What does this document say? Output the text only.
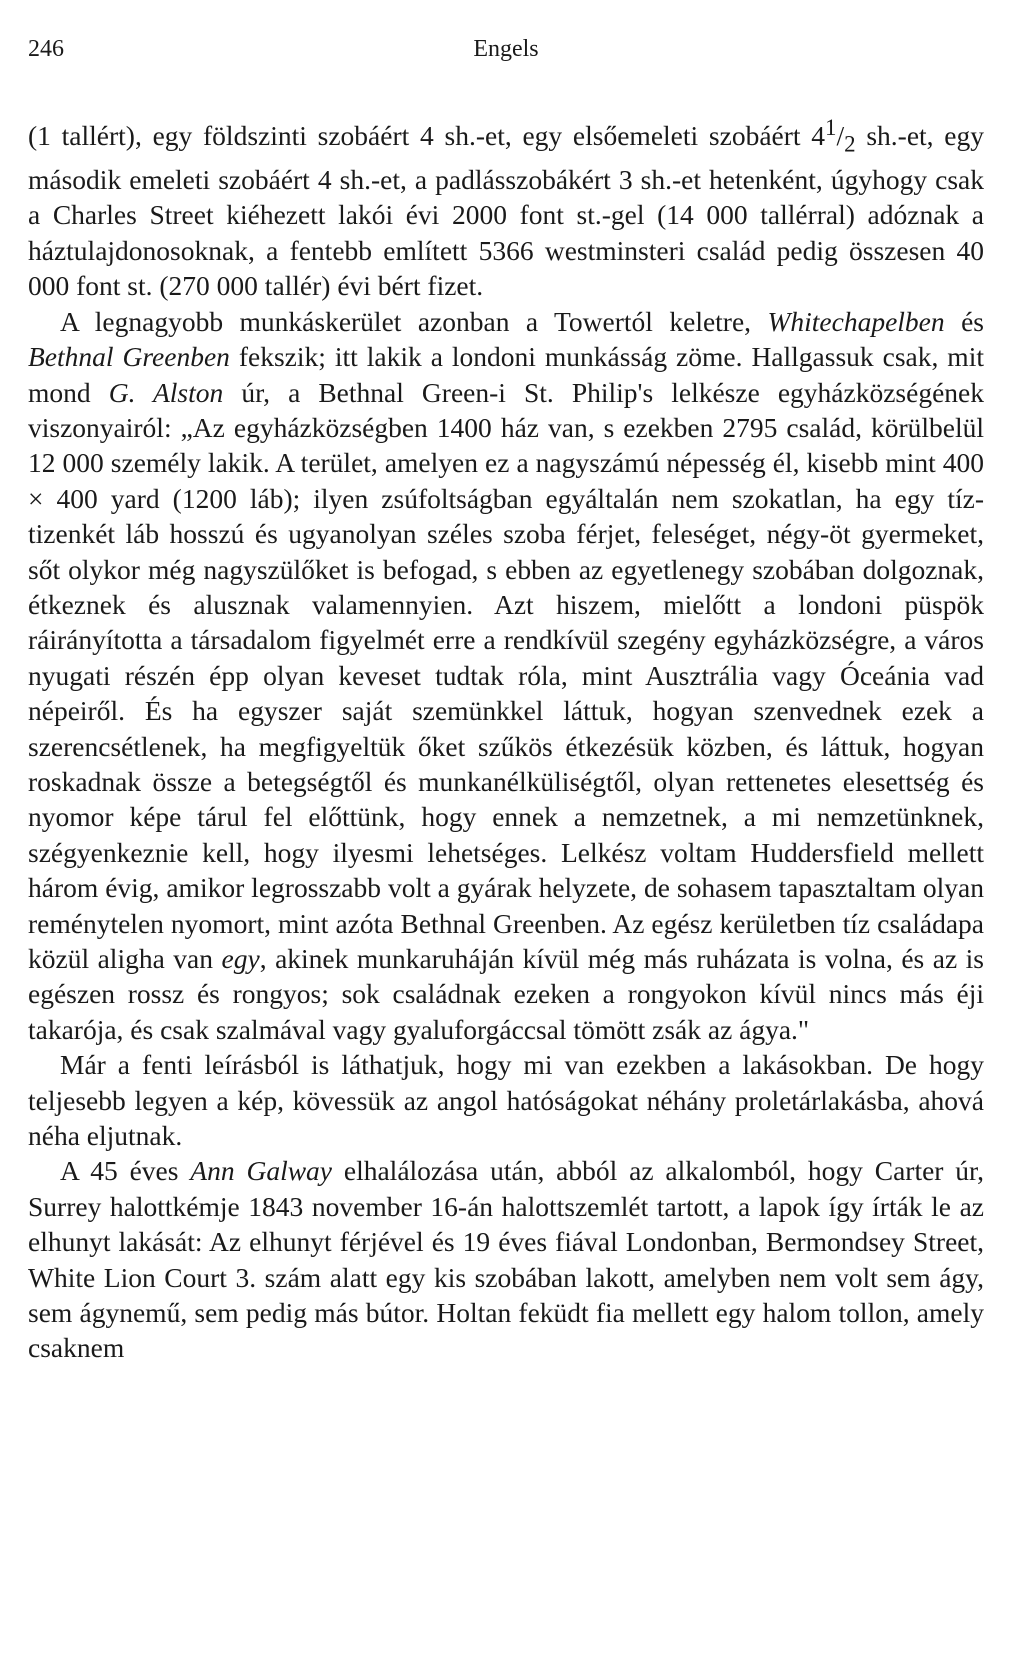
246	Engels

(1 tallért), egy földszinti szobáért 4 sh.-et, egy elsőemeleti szobáért $4^1/_2$ sh.-et, egy második emeleti szobáért 4 sh.-et, a padlásszobákért 3 sh.-et hetenként, úgyhogy csak a Charles Street kiéhezett lakói évi 2000 font st.-gel (14 000 tallérral) adóznak a háztulajdonosoknak, a fentebb említett 5366 westminsteri család pedig összesen 40 000 font st. (270 000 tallér) évi bért fizet.

A legnagyobb munkáskerület azonban a Towertól keletre, Whitechapelben és Bethnal Greenben fekszik; itt lakik a londoni munkásság zöme. Hallgassuk csak, mit mond G. Alston úr, a Bethnal Green-i St. Philip's lelkésze egyházközségének viszonyairól: „Az egyházközségben 1400 ház van, s ezekben 2795 család, körülbelül 12 000 személy lakik. A terület, amelyen ez a nagyszámú népesség él, kisebb mint 400 × 400 yard (1200 láb); ilyen zsúfoltságban egyáltalán nem szokatlan, ha egy tíz-tizenkét láb hosszú és ugyanolyan széles szoba férjet, feleséget, négy-öt gyermeket, sőt olykor még nagyszülőket is befogad, s ebben az egyetlenegy szobában dolgoznak, étkeznek és alusznak valamennyien. Azt hiszem, mielőtt a londoni püspök ráirányította a társadalom figyelmét erre a rendkívül szegény egyházközségre, a város nyugati részén épp olyan keveset tudtak róla, mint Ausztrália vagy Óceánia vad népeiről. És ha egyszer saját szemünkkel láttuk, hogyan szenvednek ezek a szerencsétlenek, ha megfigyeltük őket szűkös étkezésük közben, és láttuk, hogyan roskadnak össze a betegségtől és munkanélküliségtől, olyan rettenetes elesettség és nyomor képe tárul fel előttünk, hogy ennek a nemzetnek, a mi nemzetünknek, szégyenkeznie kell, hogy ilyesmi lehetséges. Lelkész voltam Huddersfield mellett három évig, amikor legrosszabb volt a gyárak helyzete, de sohasem tapasztaltam olyan reménytelen nyomort, mint azóta Bethnal Greenben. Az egész kerületben tíz családapa közül aligha van egy, akinek munkaruháján kívül még más ruházata is volna, és az is egészen rossz és rongyos; sok családnak ezeken a rongyokon kívül nincs más éji takarója, és csak szalmával vagy gyaluforgáccsal tömött zsák az ágya."

Már a fenti leírásból is láthatjuk, hogy mi van ezekben a lakásokban. De hogy teljesebb legyen a kép, kövessük az angol hatóságokat néhány proletárlakásba, ahová néha eljutnak.

A 45 éves Ann Galway elhalálozása után, abból az alkalomból, hogy Carter úr, Surrey halottkémje 1843 november 16-án halottszemlét tartott, a lapok így írták le az elhunyt lakását: Az elhunyt férjével és 19 éves fiával Londonban, Bermondsey Street, White Lion Court 3. szám alatt egy kis szobában lakott, amelyben nem volt sem ágy, sem ágynemű, sem pedig más bútor. Holtan feküdt fia mellett egy halom tollon, amely csaknem
